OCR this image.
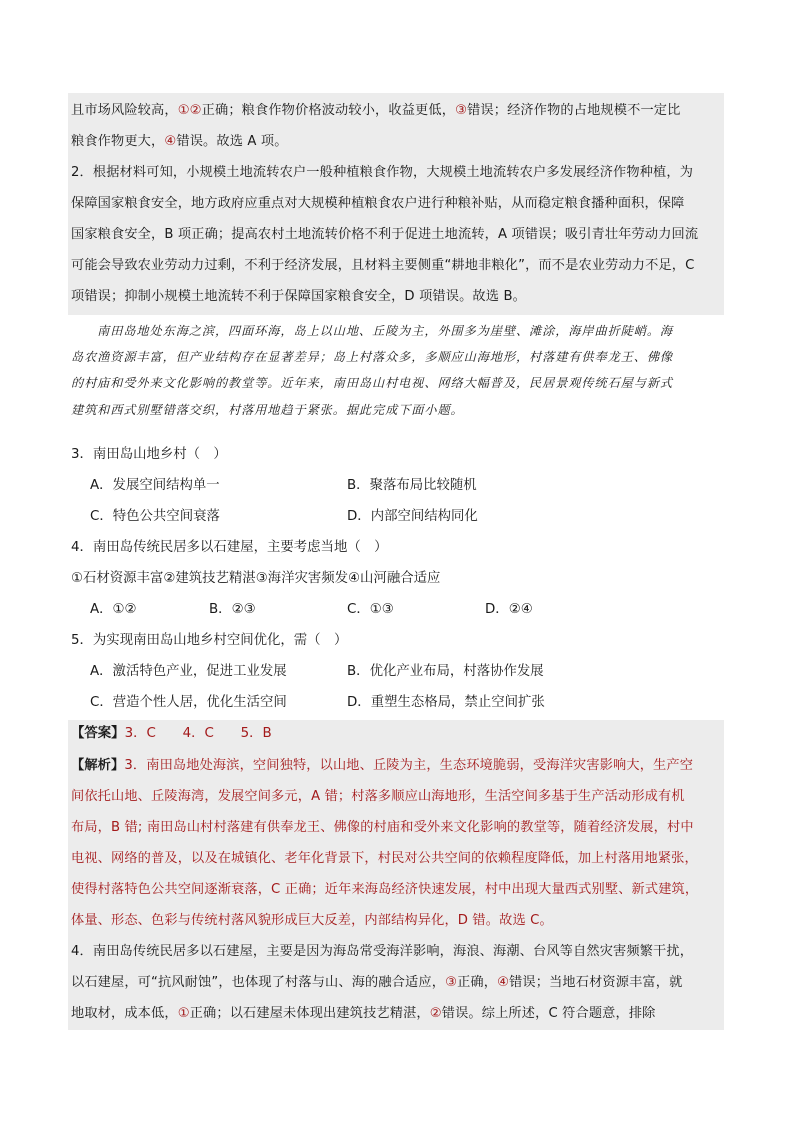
且市场风险较高，①②正确；粮食作物价格波动较小，收益更低，③错误；经济作物的占地规模不一定比
粮食作物更大，④错误。故选 A 项。
2．根据材料可知，小规模土地流转农户一般种植粮食作物，大规模土地流转农户多发展经济作物种植，为
保障国家粮食安全，地方政府应重点对大规模种植粮食农户进行种粮补贴，从而稳定粮食播种面积，保障
国家粮食安全，B 项正确；提高农村土地流转价格不利于促进土地流转，A 项错误；吸引青壮年劳动力回流
可能会导致农业劳动力过剩，不利于经济发展，且材料主要侧重“耕地非粮化”，而不是农业劳动力不足，C
项错误；抑制小规模土地流转不利于保障国家粮食安全，D 项错误。故选 B。
　　南田岛地处东海之滨，四面环海，岛上以山地、丘陵为主，外围多为崖壁、滩涂，海岸曲折陡峭。海
岛农渔资源丰富，但产业结构存在显著差异；岛上村落众多，多顺应山海地形，村落建有供奉龙王、佛像
的村庙和受外来文化影响的教堂等。近年来，南田岛山村电视、网络大幅普及，民居景观传统石屋与新式
建筑和西式别墅错落交织，村落用地趋于紧张。据此完成下面小题。
3．南田岛山地乡村（　）
A．发展空间结构单一	B．聚落布局比较随机
C．特色公共空间衰落	D．内部空间结构同化
4．南田岛传统民居多以石建屋，主要考虑当地（　）
①石材资源丰富②建筑技艺精湛③海洋灾害频发④山河融合适应
A．①②	B．②③	C．①③	D．②④
5．为实现南田岛山地乡村空间优化，需（　）
A．激活特色产业，促进工业发展	B．优化产业布局，村落协作发展
C．营造个性人居，优化生活空间	D．重塑生态格局，禁止空间扩张
【答案】3．C　　4．C　　5．B
【解析】3．南田岛地处海滨，空间独特，以山地、丘陵为主，生态环境脆弱，受海洋灾害影响大，生产空
间依托山地、丘陵海湾，发展空间多元，A 错；村落多顺应山海地形，生活空间多基于生产活动形成有机
布局，B 错; 南田岛山村村落建有供奉龙王、佛像的村庙和受外来文化影响的教堂等，随着经济发展，村中
电视、网络的普及，以及在城镇化、老年化背景下，村民对公共空间的依赖程度降低，加上村落用地紧张，
使得村落特色公共空间逐渐衰落，C 正确；近年来海岛经济快速发展，村中出现大量西式别墅、新式建筑，
体量、形态、色彩与传统村落风貌形成巨大反差，内部结构异化，D 错。故选 C。
4．南田岛传统民居多以石建屋，主要是因为海岛常受海洋影响，海浪、海潮、台风等自然灾害频繁干扰，
以石建屋，可“抗风耐蚀”，也体现了村落与山、海的融合适应，③正确，④错误；当地石材资源丰富，就
地取材，成本低，①正确；以石建屋未体现出建筑技艺精湛，②错误。综上所述，C 符合题意，排除
